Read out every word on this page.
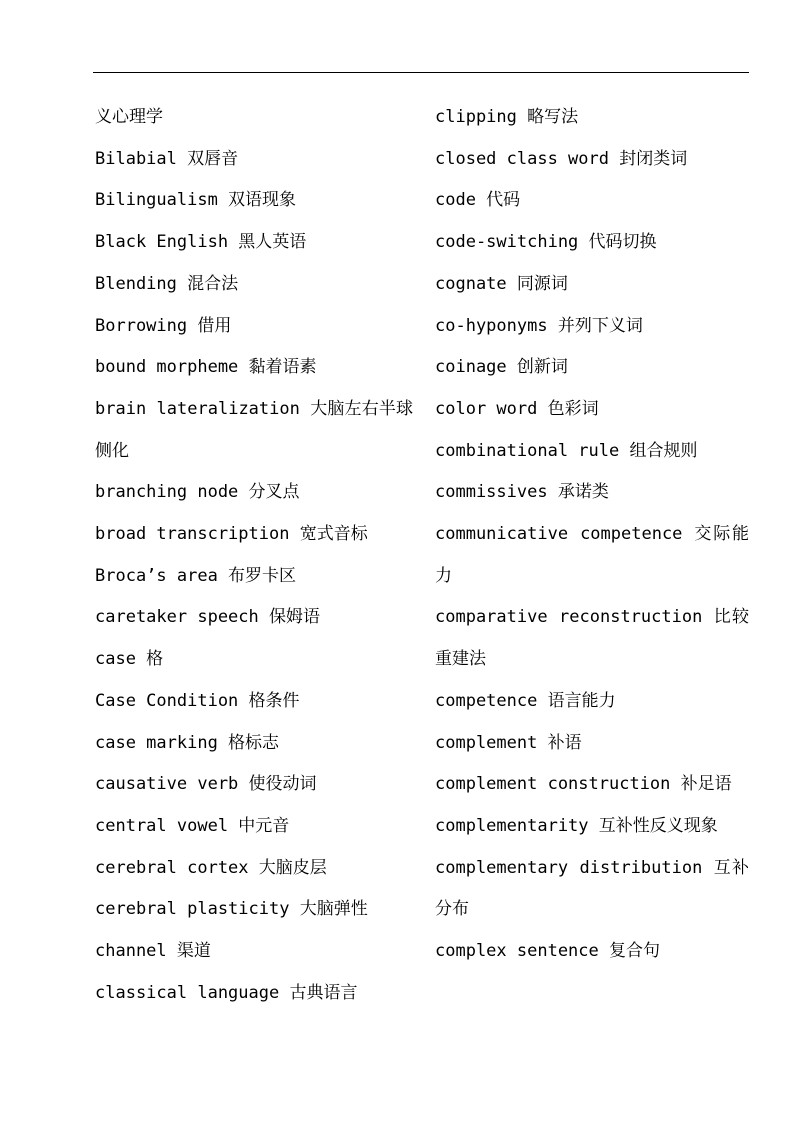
义心理学

Bilabial 双唇音

Bilingualism 双语现象

Black English 黑人英语

Blending 混合法

Borrowing 借用

bound morpheme 黏着语素

brain lateralization 大脑左右半球侧化

branching node 分叉点

broad transcription 宽式音标

Broca’s area 布罗卡区

caretaker speech 保姆语

case 格

Case Condition 格条件

case marking 格标志

causative verb 使役动词

central vowel 中元音

cerebral cortex 大脑皮层

cerebral plasticity 大脑弹性

channel 渠道

classical language 古典语言

clipping 略写法

closed class word 封闭类词

code 代码

code-switching 代码切换

cognate 同源词

co-hyponyms 并列下义词

coinage 创新词

color word 色彩词

combinational rule 组合规则

commissives 承诺类

communicative competence 交际能力

comparative reconstruction 比较重建法

competence 语言能力

complement 补语

complement construction 补足语

complementarity 互补性反义现象

complementary distribution 互补分布

complex sentence 复合句
